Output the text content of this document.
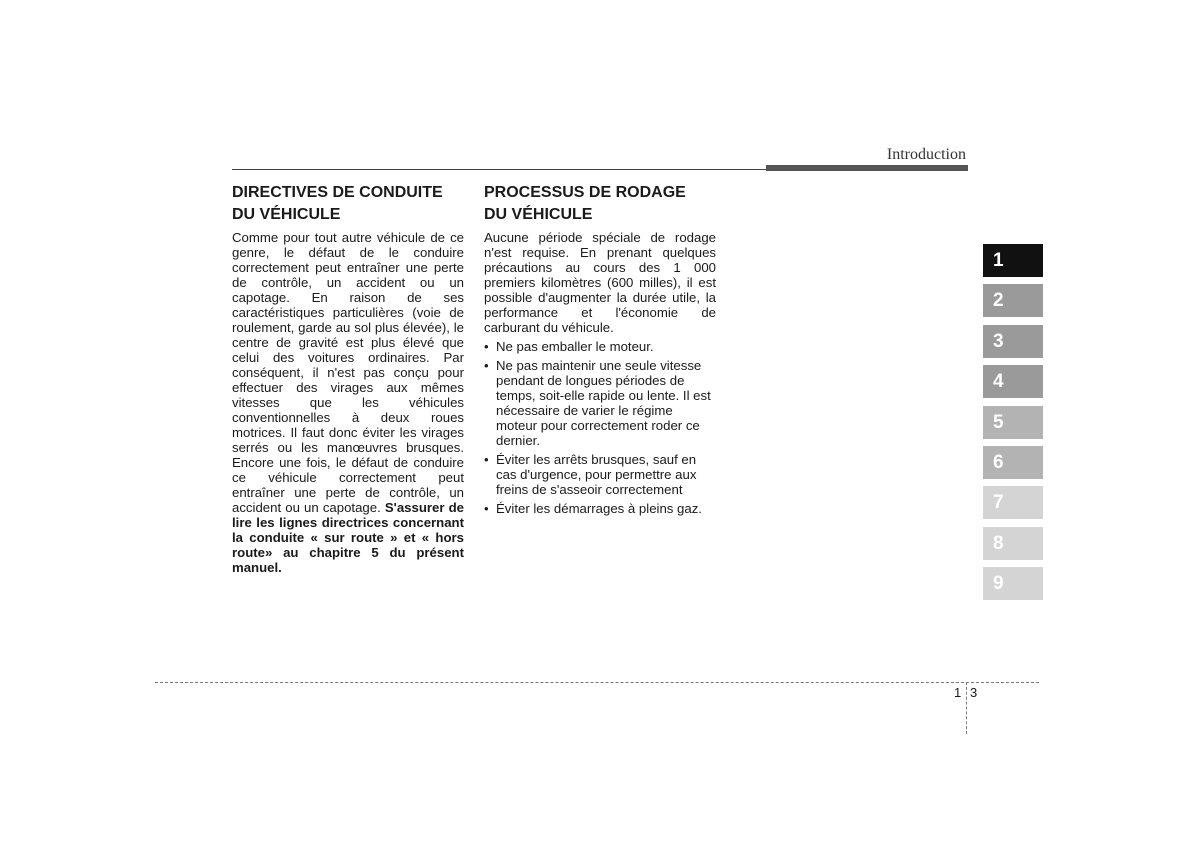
Introduction
DIRECTIVES DE CONDUITE
DU VÉHICULE

Comme pour tout autre véhicule de ce genre, le défaut de le conduire correctement peut entraîner une perte de contrôle, un accident ou un capotage. En raison de ses caractéristiques particulières (voie de roulement, garde au sol plus élevée), le centre de gravité est plus élevé que celui des voitures ordinaires. Par conséquent, il n'est pas conçu pour effectuer des virages aux mêmes vitesses que les véhicules conventionnelles à deux roues motrices. Il faut donc éviter les virages serrés ou les manœuvres brusques. Encore une fois, le défaut de conduire ce véhicule correctement peut entraîner une perte de contrôle, un accident ou un capotage. S'assurer de lire les lignes directrices concernant la conduite « sur route » et « hors route» au chapitre 5 du présent manuel.

PROCESSUS DE RODAGE
DU VÉHICULE

Aucune période spéciale de rodage n'est requise. En prenant quelques précautions au cours des 1 000 premiers kilomètres (600 milles), il est possible d'augmenter la durée utile, la performance et l'économie de carburant du véhicule.

• Ne pas emballer le moteur.
• Ne pas maintenir une seule vitesse pendant de longues périodes de temps, soit-elle rapide ou lente. Il est nécessaire de varier le régime moteur pour correctement roder ce dernier.
• Éviter les arrêts brusques, sauf en cas d'urgence, pour permettre aux freins de s'asseoir correctement
• Éviter les démarrages à pleins gaz.
1
2
3
4
5
6
7
8
9
1 3
